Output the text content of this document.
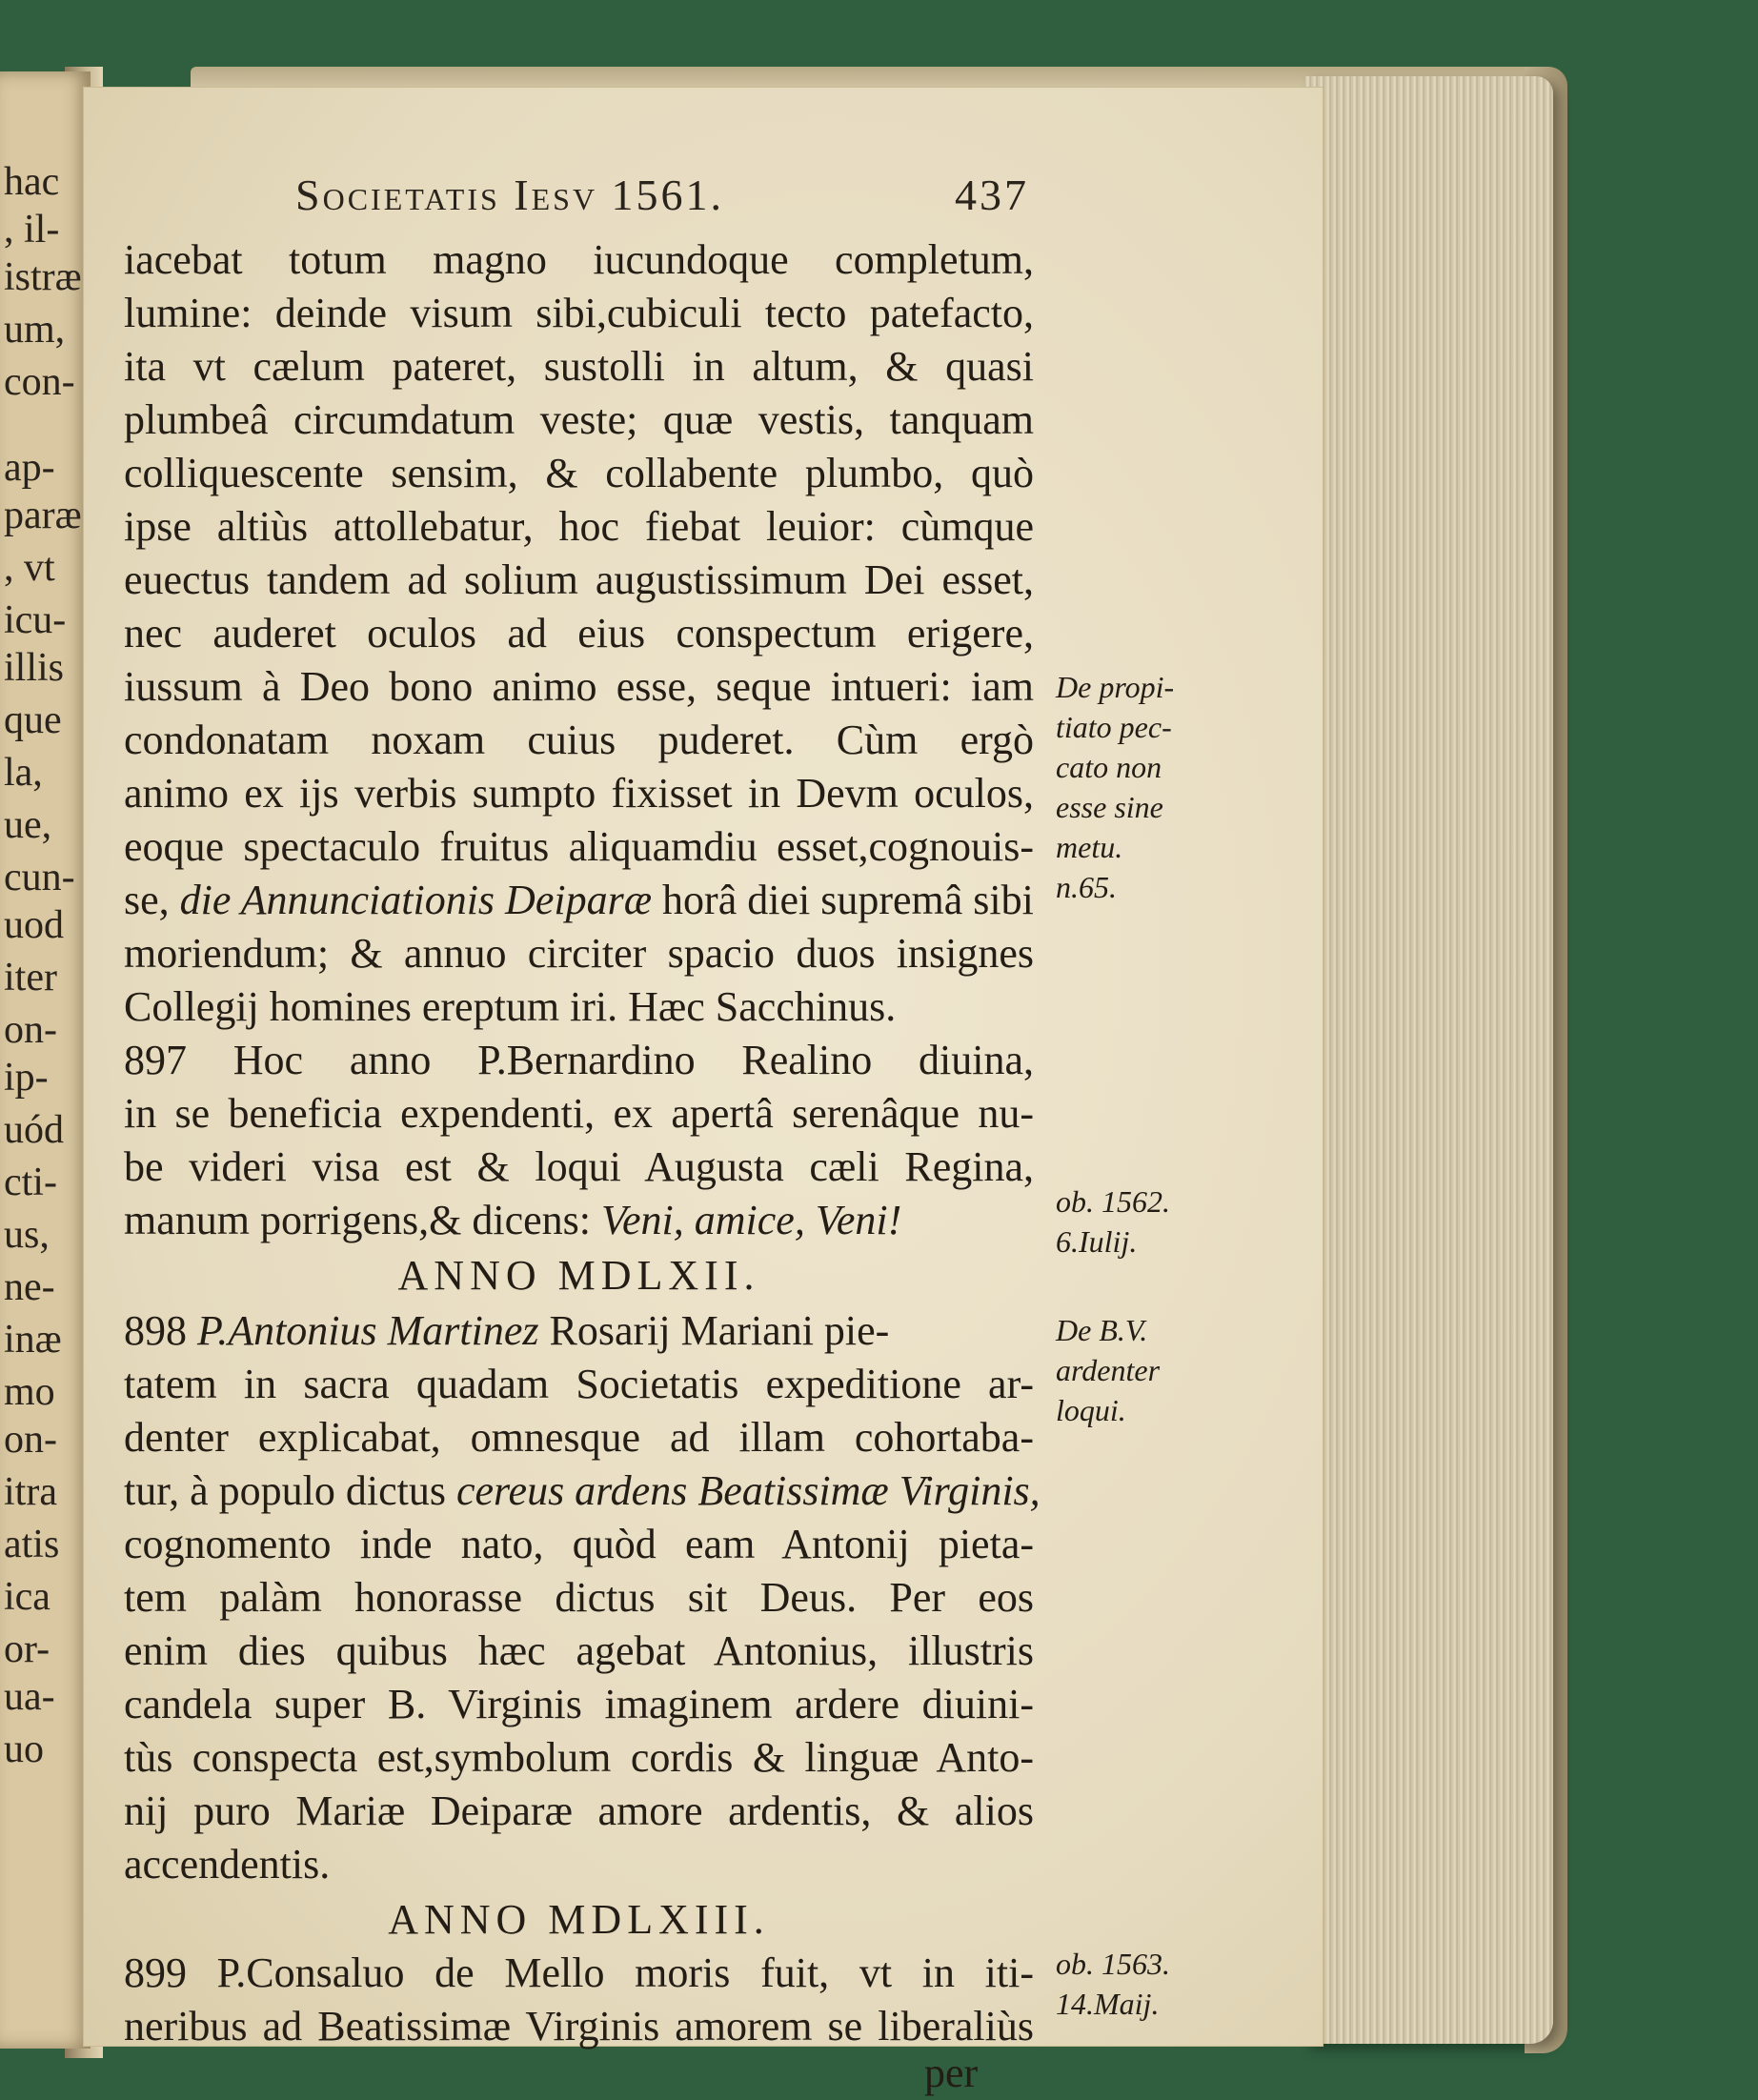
hac
, il-
istræ
um,
con-
ap-
paræ
, vt
icu-
illis
que
la,
ue,
cun-
uod
iter
on-
ip-
uód
cti-
us,
ne-
inæ
mo
on-
itra
atis
ica
or-
ua-
uo
Societatis Iesv 1561.	437
iacebat totum magno iucundoque completum,
lumine: deinde visum sibi,cubiculi tecto patefacto,
ita vt cælum pateret, sustolli in altum, & quasi
plumbeâ circumdatum veste; quæ vestis, tanquam
colliquescente sensim, & collabente plumbo, quò
ipse altiùs attollebatur, hoc fiebat leuior: cùmque
euectus tandem ad solium augustissimum Dei esset,
nec auderet oculos ad eius conspectum erigere,
iussum à Deo bono animo esse, seque intueri: iam
condonatam noxam cuius puderet. Cùm ergò
animo ex ijs verbis sumpto fixisset in Devm oculos,
eoque spectaculo fruitus aliquamdiu esset,cognouis-
se, die Annunciationis Deiparæ horâ diei supremâ sibi
moriendum; & annuo circiter spacio duos insignes
Collegij homines ereptum iri. Hæc Sacchinus.
897 Hoc anno P.Bernardino Realino diuina,
in se beneficia expendenti, ex apertâ serenâque nu-
be videri visa est & loqui Augusta cæli Regina,
manum porrigens,& dicens: Veni, amice, Veni!
ANNO MDLXII.
898 P.Antonius Martinez Rosarij Mariani pie-
tatem in sacra quadam Societatis expeditione ar-
denter explicabat, omnesque ad illam cohortaba-
tur, à populo dictus cereus ardens Beatissimæ Virginis,
cognomento inde nato, quòd eam Antonij pieta-
tem palàm honorasse dictus sit Deus. Per eos
enim dies quibus hæc agebat Antonius, illustris
candela super B. Virginis imaginem ardere diuini-
tùs conspecta est,symbolum cordis & linguæ Anto-
nij puro Mariæ Deiparæ amore ardentis, & alios
accendentis.
ANNO MDLXIII.
899 P.Consaluo de Mello moris fuit, vt in iti-
neribus ad Beatissimæ Virginis amorem se liberaliùs
per
De propi-
tiato pec-
cato non
esse sine
metu.
n.65.
ob. 1562.
6.Iulij.
De B.V.
ardenter
loqui.
ob. 1563.
14.Maij.
